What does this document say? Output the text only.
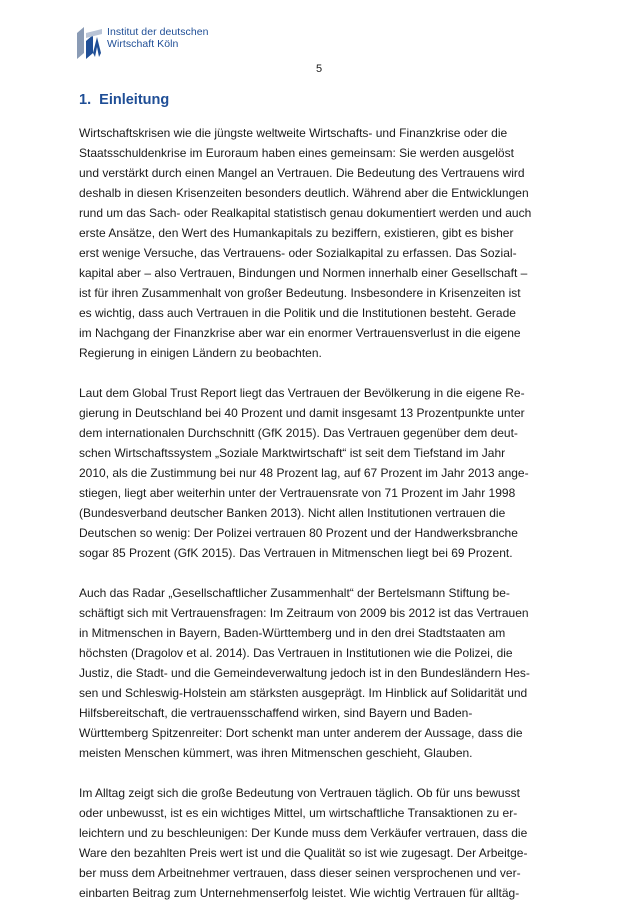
Institut der deutschen
Wirtschaft Köln
5
1. Einleitung

Wirtschaftskrisen wie die jüngste weltweite Wirtschafts- und Finanzkrise oder die
Staatsschuldenkrise im Euroraum haben eines gemeinsam: Sie werden ausgelöst
und verstärkt durch einen Mangel an Vertrauen. Die Bedeutung des Vertrauens wird
deshalb in diesen Krisenzeiten besonders deutlich. Während aber die Entwicklungen
rund um das Sach- oder Realkapital statistisch genau dokumentiert werden und auch
erste Ansätze, den Wert des Humankapitals zu beziffern, existieren, gibt es bisher
erst wenige Versuche, das Vertrauens- oder Sozialkapital zu erfassen. Das Sozial-
kapital aber – also Vertrauen, Bindungen und Normen innerhalb einer Gesellschaft –
ist für ihren Zusammenhalt von großer Bedeutung. Insbesondere in Krisenzeiten ist
es wichtig, dass auch Vertrauen in die Politik und die Institutionen besteht. Gerade
im Nachgang der Finanzkrise aber war ein enormer Vertrauensverlust in die eigene
Regierung in einigen Ländern zu beobachten.

Laut dem Global Trust Report liegt das Vertrauen der Bevölkerung in die eigene Re-
gierung in Deutschland bei 40 Prozent und damit insgesamt 13 Prozentpunkte unter
dem internationalen Durchschnitt (GfK 2015). Das Vertrauen gegenüber dem deut-
schen Wirtschaftssystem „Soziale Marktwirtschaft“ ist seit dem Tiefstand im Jahr
2010, als die Zustimmung bei nur 48 Prozent lag, auf 67 Prozent im Jahr 2013 ange-
stiegen, liegt aber weiterhin unter der Vertrauensrate von 71 Prozent im Jahr 1998
(Bundesverband deutscher Banken 2013). Nicht allen Institutionen vertrauen die
Deutschen so wenig: Der Polizei vertrauen 80 Prozent und der Handwerksbranche
sogar 85 Prozent (GfK 2015). Das Vertrauen in Mitmenschen liegt bei 69 Prozent.

Auch das Radar „Gesellschaftlicher Zusammenhalt“ der Bertelsmann Stiftung be-
schäftigt sich mit Vertrauensfragen: Im Zeitraum von 2009 bis 2012 ist das Vertrauen
in Mitmenschen in Bayern, Baden-Württemberg und in den drei Stadtstaaten am
höchsten (Dragolov et al. 2014). Das Vertrauen in Institutionen wie die Polizei, die
Justiz, die Stadt- und die Gemeindeverwaltung jedoch ist in den Bundesländern Hes-
sen und Schleswig-Holstein am stärksten ausgeprägt. Im Hinblick auf Solidarität und
Hilfsbereitschaft, die vertrauensschaffend wirken, sind Bayern und Baden-
Württemberg Spitzenreiter: Dort schenkt man unter anderem der Aussage, dass die
meisten Menschen kümmert, was ihren Mitmenschen geschieht, Glauben.

Im Alltag zeigt sich die große Bedeutung von Vertrauen täglich. Ob für uns bewusst
oder unbewusst, ist es ein wichtiges Mittel, um wirtschaftliche Transaktionen zu er-
leichtern und zu beschleunigen: Der Kunde muss dem Verkäufer vertrauen, dass die
Ware den bezahlten Preis wert ist und die Qualität so ist wie zugesagt. Der Arbeitge-
ber muss dem Arbeitnehmer vertrauen, dass dieser seinen versprochenen und ver-
einbarten Beitrag zum Unternehmenserfolg leistet. Wie wichtig Vertrauen für alltäg-
